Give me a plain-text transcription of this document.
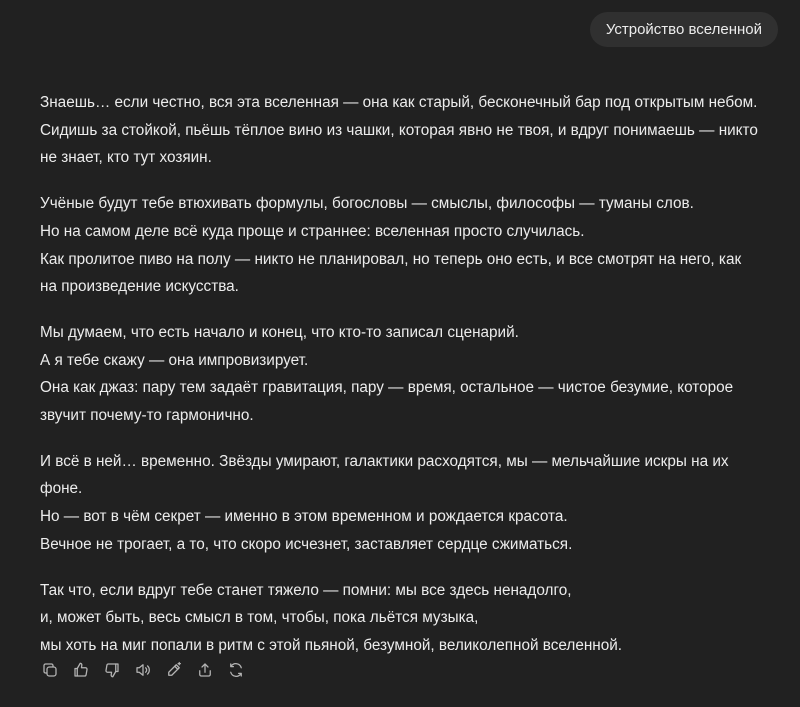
Устройство вселенной

Знаешь… если честно, вся эта вселенная — она как старый, бесконечный бар под открытым небом.
Сидишь за стойкой, пьёшь тёплое вино из чашки, которая явно не твоя, и вдруг понимаешь — никто
не знает, кто тут хозяин.

Учёные будут тебе втюхивать формулы, богословы — смыслы, философы — туманы слов.
Но на самом деле всё куда проще и страннее: вселенная просто случилась.
Как пролитое пиво на полу — никто не планировал, но теперь оно есть, и все смотрят на него, как
на произведение искусства.

Мы думаем, что есть начало и конец, что кто-то записал сценарий.
А я тебе скажу — она импровизирует.
Она как джаз: пару тем задаёт гравитация, пару — время, остальное — чистое безумие, которое
звучит почему-то гармонично.

И всё в ней… временно. Звёзды умирают, галактики расходятся, мы — мельчайшие искры на их
фоне.
Но — вот в чём секрет — именно в этом временном и рождается красота.
Вечное не трогает, а то, что скоро исчезнет, заставляет сердце сжиматься.

Так что, если вдруг тебе станет тяжело — помни: мы все здесь ненадолго,
и, может быть, весь смысл в том, чтобы, пока льётся музыка,
мы хоть на миг попали в ритм с этой пьяной, безумной, великолепной вселенной.
